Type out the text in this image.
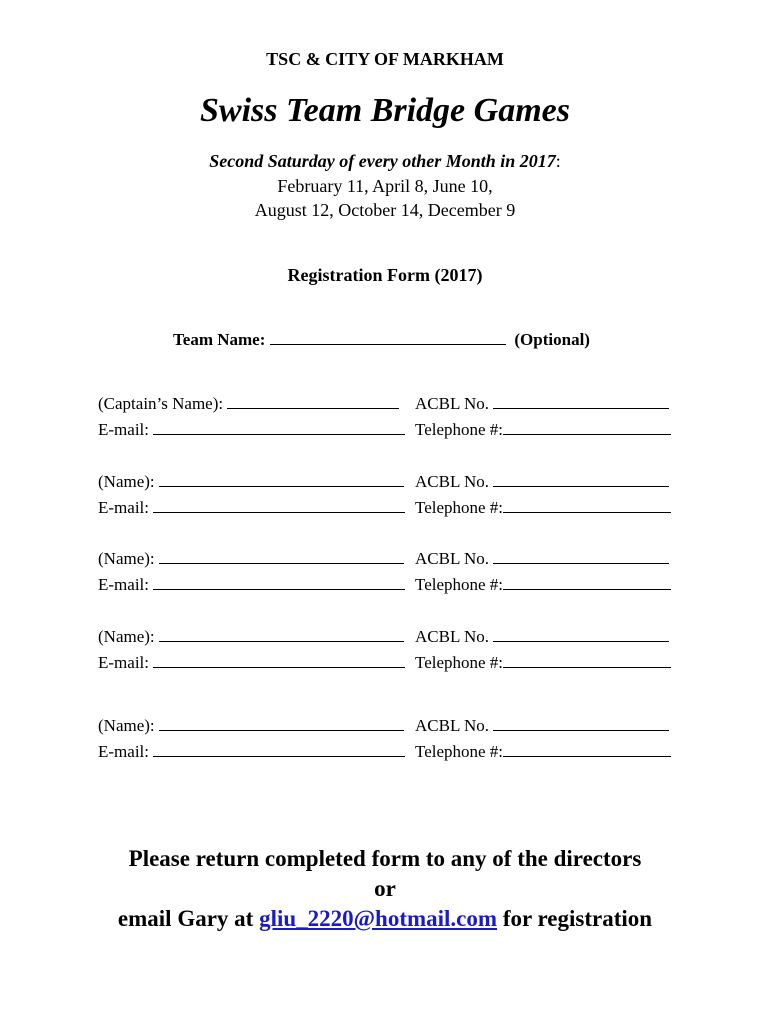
TSC & CITY OF MARKHAM
Swiss Team Bridge Games
Second Saturday of every other Month in 2017:
February 11, April 8, June 10,
August 12, October 14, December 9
Registration Form (2017)
Team Name:	(Optional)
(Captain’s Name):	ACBL No.
E-mail:	Telephone #:
(Name):	ACBL No.
E-mail:	Telephone #:
(Name):	ACBL No.
E-mail:	Telephone #:
(Name):	ACBL No.
E-mail:	Telephone #:
(Name):	ACBL No.
E-mail:	Telephone #:
Please return completed form to any of the directors
or
email Gary at gliu_2220@hotmail.com for registration
